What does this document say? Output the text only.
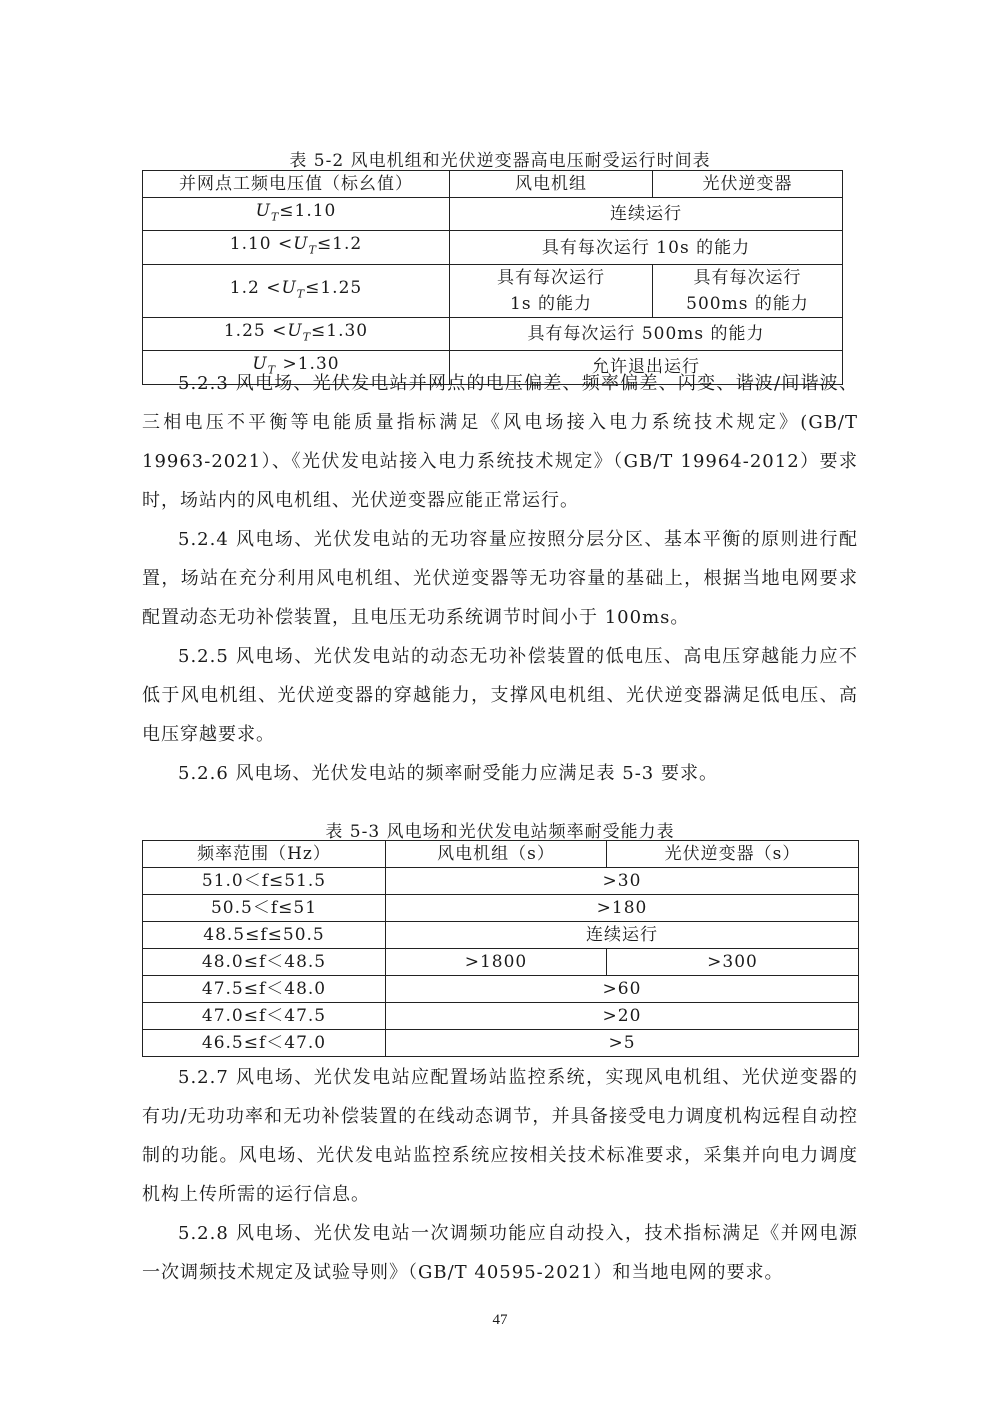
表 5-2 风电机组和光伏逆变器高电压耐受运行时间表
并网点工频电压值（标幺值）	风电机组	光伏逆变器
$U_T\le 1.10$	连续运行	
$1.10 <U_T\le 1.2$	具有每次运行 10s 的能力	
$1.2 <U_T\le 1.25$	具有每次运行1s 的能力	具有每次运行500ms 的能力
$1.25 <U_T\le 1.30$	具有每次运行 500ms 的能力	
$U_T >1.30$	允许退出运行	

5.2.3 风电场、光伏发电站并网点的电压偏差、频率偏差、闪变、谐波/间谐波、三相电压不平衡等电能质量指标满足《风电场接入电力系统技术规定》(GB/T 19963-2021）、《光伏发电站接入电力系统技术规定》（GB/T 19964-2012）要求时，场站内的风电机组、光伏逆变器应能正常运行。

5.2.4 风电场、光伏发电站的无功容量应按照分层分区、基本平衡的原则进行配置，场站在充分利用风电机组、光伏逆变器等无功容量的基础上，根据当地电网要求配置动态无功补偿装置，且电压无功系统调节时间小于 100ms。

5.2.5 风电场、光伏发电站的动态无功补偿装置的低电压、高电压穿越能力应不低于风电机组、光伏逆变器的穿越能力，支撑风电机组、光伏逆变器满足低电压、高电压穿越要求。

5.2.6 风电场、光伏发电站的频率耐受能力应满足表 5-3 要求。

表 5-3 风电场和光伏发电站频率耐受能力表
频率范围（Hz）	风电机组（s）	光伏逆变器（s）
51.0＜f≤51.5	>30	
50.5＜f≤51	>180	
48.5≤f≤50.5	连续运行	
48.0≤f＜48.5	>1800	>300
47.5≤f＜48.0	>60	
47.0≤f＜47.5	>20	
46.5≤f＜47.0	>5	

5.2.7 风电场、光伏发电站应配置场站监控系统，实现风电机组、光伏逆变器的有功/无功功率和无功补偿装置的在线动态调节，并具备接受电力调度机构远程自动控制的功能。风电场、光伏发电站监控系统应按相关技术标准要求，采集并向电力调度机构上传所需的运行信息。

5.2.8 风电场、光伏发电站一次调频功能应自动投入，技术指标满足《并网电源一次调频技术规定及试验导则》（GB/T 40595-2021）和当地电网的要求。

47
